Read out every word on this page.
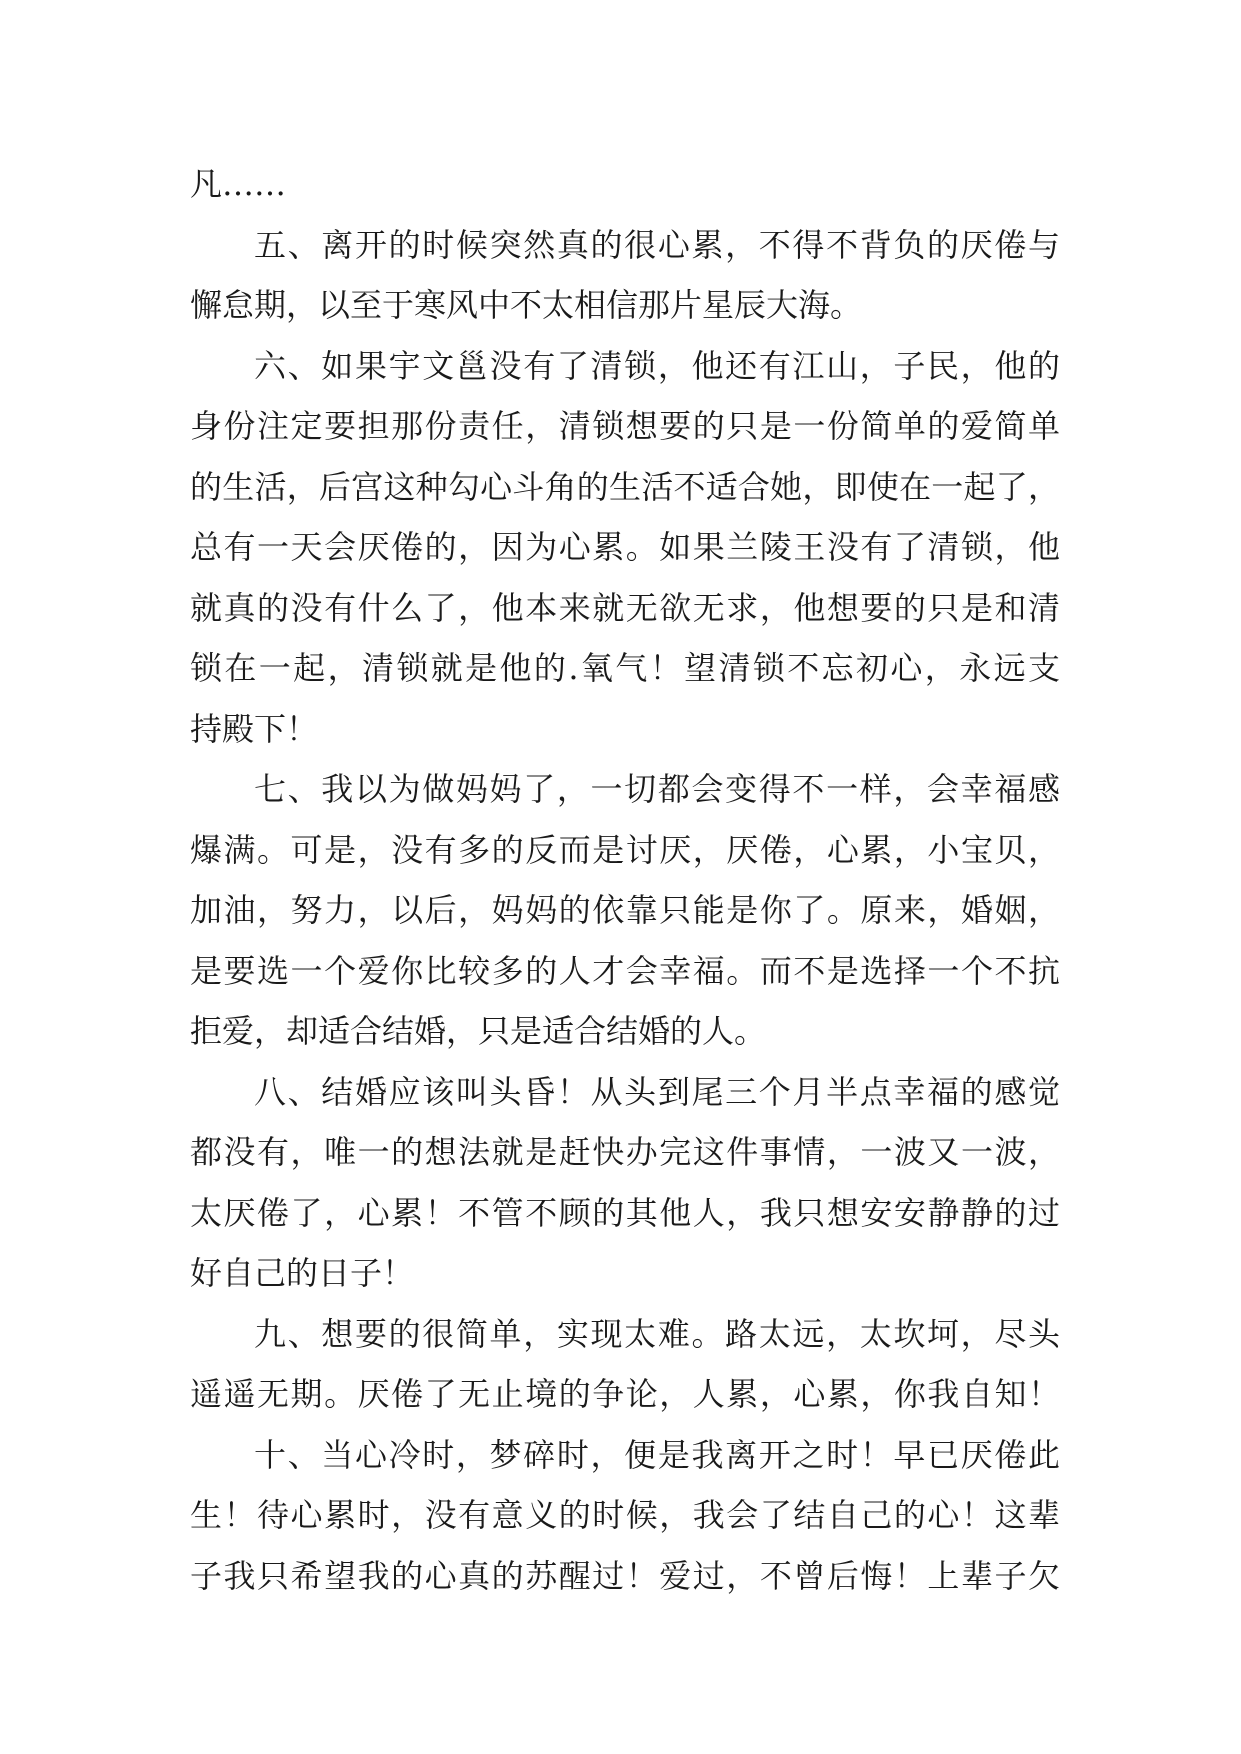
凡……
五、离开的时候突然真的很心累，不得不背负的厌倦与
懈怠期，以至于寒风中不太相信那片星辰大海。
六、如果宇文邕没有了清锁，他还有江山，子民，他的
身份注定要担那份责任，清锁想要的只是一份简单的爱简单
的生活，后宫这种勾心斗角的生活不适合她，即使在一起了，
总有一天会厌倦的，因为心累。如果兰陵王没有了清锁，他
就真的没有什么了，他本来就无欲无求，他想要的只是和清
锁在一起，清锁就是他的.氧气！望清锁不忘初心，永远支
持殿下！
七、我以为做妈妈了，一切都会变得不一样，会幸福感
爆满。可是，没有多的反而是讨厌，厌倦，心累，小宝贝，
加油，努力，以后，妈妈的依靠只能是你了。原来，婚姻，
是要选一个爱你比较多的人才会幸福。而不是选择一个不抗
拒爱，却适合结婚，只是适合结婚的人。
八、结婚应该叫头昏！从头到尾三个月半点幸福的感觉
都没有，唯一的想法就是赶快办完这件事情，一波又一波，
太厌倦了，心累！不管不顾的其他人，我只想安安静静的过
好自己的日子！
九、想要的很简单，实现太难。路太远，太坎坷，尽头
遥遥无期。厌倦了无止境的争论，人累，心累，你我自知！
十、当心冷时，梦碎时，便是我离开之时！早已厌倦此
生！待心累时，没有意义的时候，我会了结自己的心！这辈
子我只希望我的心真的苏醒过！爱过，不曾后悔！上辈子欠
